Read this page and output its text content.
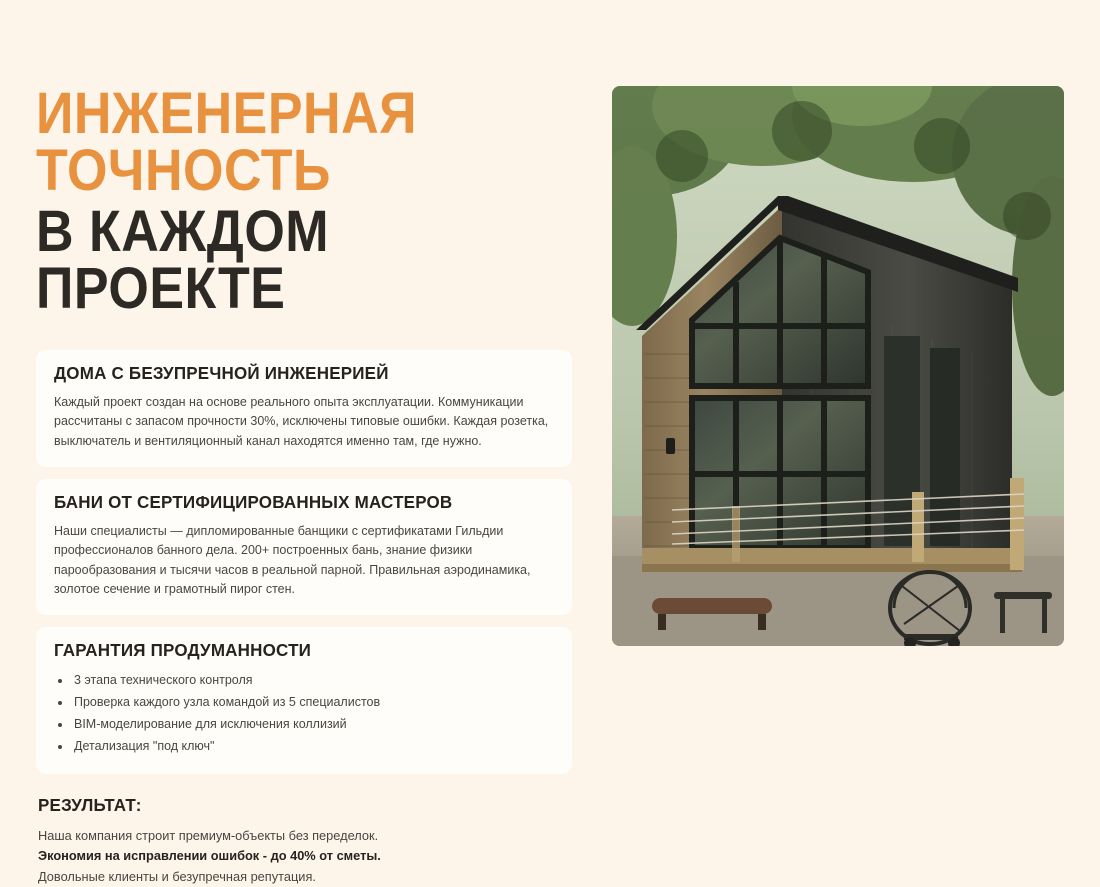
ИНЖЕНЕРНАЯ ТОЧНОСТЬ
В КАЖДОМ ПРОЕКТЕ
ДОМА С БЕЗУПРЕЧНОЙ ИНЖЕНЕРИЕЙ

Каждый проект создан на основе реального опыта эксплуатации. Коммуникации рассчитаны с запасом прочности 30%, исключены типовые ошибки. Каждая розетка, выключатель и вентиляционный канал находятся именно там, где нужно.

БАНИ ОТ СЕРТИФИЦИРОВАННЫХ МАСТЕРОВ

Наши специалисты — дипломированные банщики с сертификатами Гильдии профессионалов банного дела. 200+ построенных бань, знание физики парообразования и тысячи часов в реальной парной. Правильная аэродинамика, золотое сечение и грамотный пирог стен.

ГАРАНТИЯ ПРОДУМАННОСТИ
• 3 этапа технического контроля
• Проверка каждого узла командой из 5 специалистов
• BIM-моделирование для исключения коллизий
• Детализация "под ключ"
РЕЗУЛЬТАТ:

Наша компания строит премиум-объекты без переделок. Экономия на исправлении ошибок - до 40% от сметы. Довольные клиенты и безупречная репутация.
